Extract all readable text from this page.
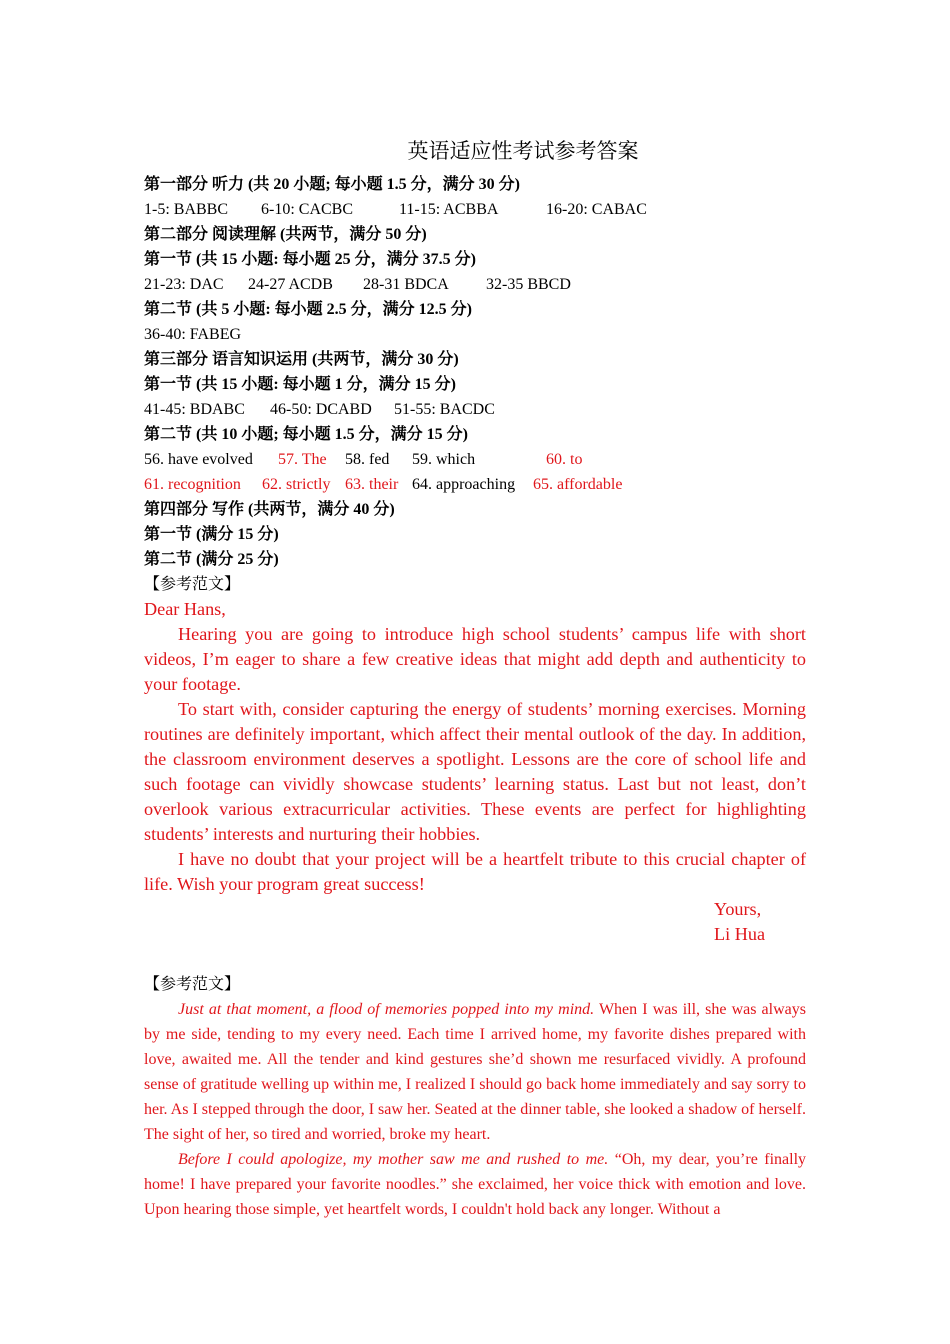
英语适应性考试参考答案
第一部分 听力 (共 20 小题; 每小题 1.5 分，满分 30 分)
1-5: BABBC 6-10: CACBC	11-15: ACBBA	16-20: CABAC
第二部分 阅读理解 (共两节，满分 50 分)
第一节 (共 15 小题: 每小题 25 分，满分 37.5 分)
21-23: DAC 24-27 ACDB 28-31 BDCA 32-35 BBCD
第二节 (共 5 小题: 每小题 2.5 分，满分 12.5 分)
36-40: FABEG
第三部分 语言知识运用 (共两节，满分 30 分)
第一节 (共 15 小题: 每小题 1 分，满分 15 分)
41-45: BDABC 46-50: DCABD 51-55: BACDC
第二节 (共 10 小题; 每小题 1.5 分，满分 15 分)
56. have evolved 57. The 58. fed 59. which	60. to
61. recognition 62. strictly 63. their 64. approaching 65. affordable
第四部分 写作 (共两节，满分 40 分)
第一节 (满分 15 分)
第二节 (满分 25 分)
【参考范文】

Dear Hans,

Hearing you are going to introduce high school students’ campus life with short videos, I’m eager to share a few creative ideas that might add depth and authenticity to your footage.

To start with, consider capturing the energy of students’ morning exercises. Morning routines are definitely important, which affect their mental outlook of the day. In addition, the classroom environment deserves a spotlight. Lessons are the core of school life and such footage can vividly showcase students’ learning status. Last but not least, don’t overlook various extracurricular activities. These events are perfect for highlighting students’ interests and nurturing their hobbies.

I have no doubt that your project will be a heartfelt tribute to this crucial chapter of life. Wish your program great success!

Yours,

Li Hua

【参考范文】

Just at that moment, a flood of memories popped into my mind. When I was ill, she was always by me side, tending to my every need. Each time I arrived home, my favorite dishes prepared with love, awaited me. All the tender and kind gestures she’d shown me resurfaced vividly. A profound sense of gratitude welling up within me, I realized I should go back home immediately and say sorry to her. As I stepped through the door, I saw her. Seated at the dinner table, she looked a shadow of herself. The sight of her, so tired and worried, broke my heart.

Before I could apologize, my mother saw me and rushed to me. “Oh, my dear, you’re finally home! I have prepared your favorite noodles.” she exclaimed, her voice thick with emotion and love. Upon hearing those simple, yet heartfelt words, I couldn't hold back any longer. Without a
